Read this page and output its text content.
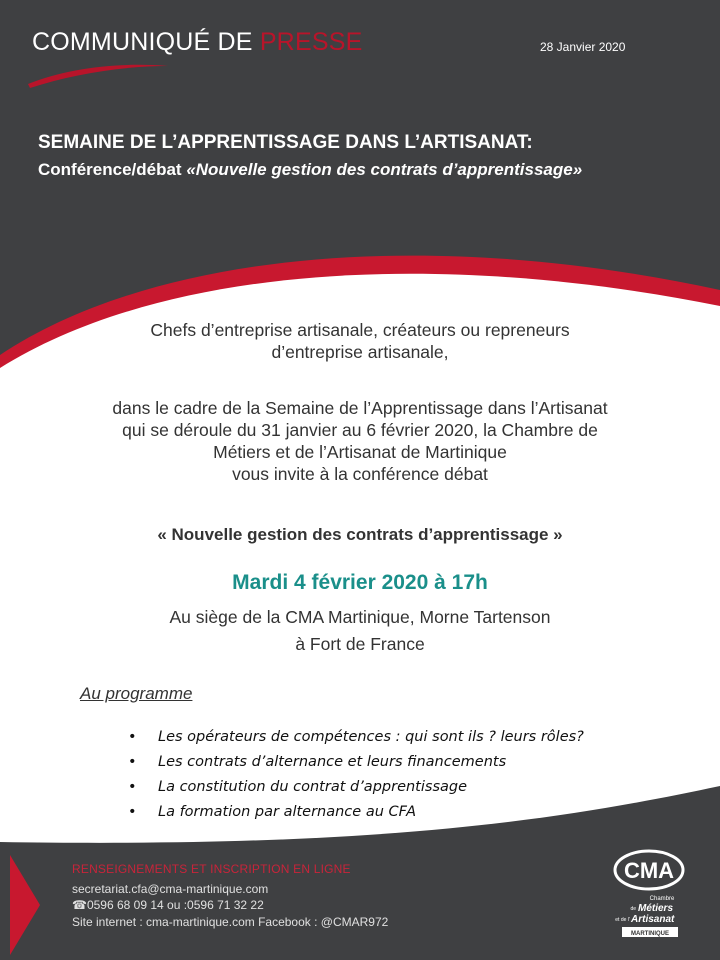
COMMUNIQUÉ DE PRESSE	28 Janvier 2020
SEMAINE DE L’APPRENTISSAGE DANS L’ARTISANAT:
Conférence/débat «Nouvelle gestion des contrats d’apprentissage»
Chefs d’entreprise artisanale, créateurs ou repreneurs
d’entreprise artisanale,
dans le cadre de la Semaine de l’Apprentissage dans l’Artisanat
qui se déroule du 31 janvier au 6 février 2020, la Chambre de
Métiers et de l’Artisanat de Martinique
vous invite à la conférence débat
« Nouvelle gestion des contrats d’apprentissage »
Mardi 4 février 2020 à 17h
Au siège de la CMA Martinique, Morne Tartenson
à Fort de France
Au programme
• Les opérateurs de compétences : qui sont ils ? leurs rôles?
• Les contrats d’alternance et leurs financements
• La constitution du contrat d’apprentissage
• La formation par alternance au CFA
RENSEIGNEMENTS ET INSCRIPTION EN LIGNE
secretariat.cfa@cma-martinique.com
☎0596 68 09 14 ou :0596 71 32 22
Site internet : cma-martinique.com Facebook : @CMAR972
CMA
Chambre
de Métiers
et de l’ Artisanat
MARTINIQUE
